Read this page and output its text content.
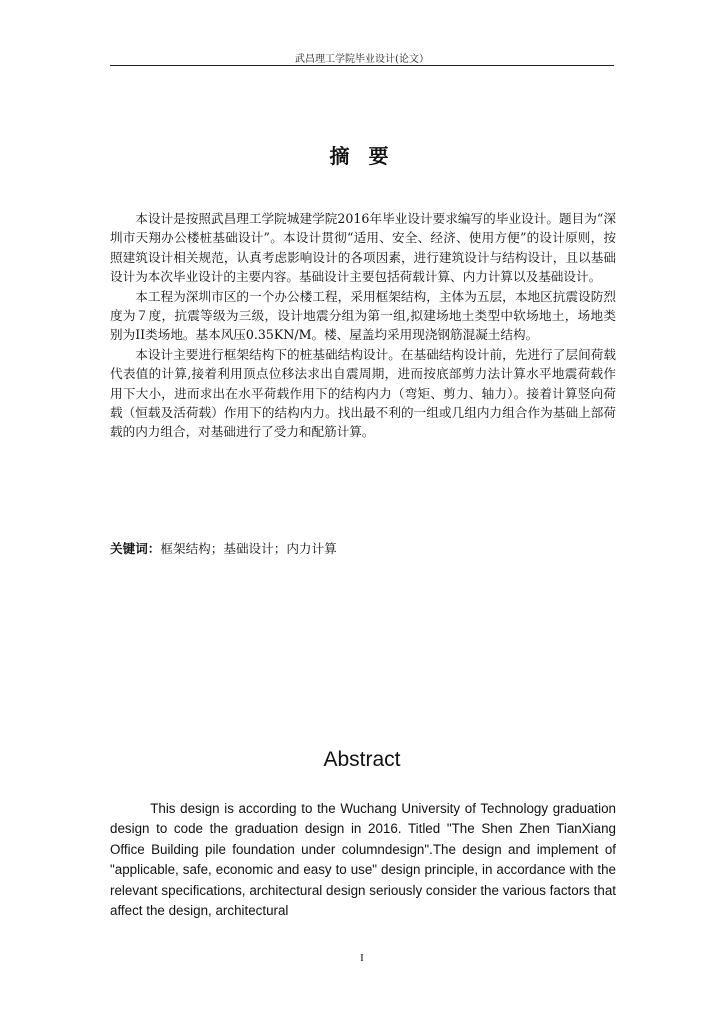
武昌理工学院毕业设计(论文）
摘 要

本设计是按照武昌理工学院城建学院2016年毕业设计要求编写的毕业设计。题目为“深圳市天翔办公楼桩基础设计”。本设计贯彻“适用、安全、经济、使用方便”的设计原则，按照建筑设计相关规范，认真考虑影响设计的各项因素，进行建筑设计与结构设计，且以基础设计为本次毕业设计的主要内容。基础设计主要包括荷载计算、内力计算以及基础设计。

本工程为深圳市区的一个办公楼工程，采用框架结构，主体为五层，本地区抗震设防烈度为７度，抗震等级为三级，设计地震分组为第一组,拟建场地土类型中软场地土，场地类别为II类场地。基本风压0.35KN/M。楼、屋盖均采用现浇钢筋混凝土结构。

本设计主要进行框架结构下的桩基础结构设计。在基础结构设计前，先进行了层间荷载代表值的计算,接着利用顶点位移法求出自震周期，进而按底部剪力法计算水平地震荷载作用下大小，进而求出在水平荷载作用下的结构内力（弯矩、剪力、轴力）。接着计算竖向荷载（恒载及活荷载）作用下的结构内力。找出最不利的一组或几组内力组合作为基础上部荷载的内力组合，对基础进行了受力和配筋计算。

关键词：框架结构；基础设计；内力计算
Abstract

This design is according to the Wuchang University of Technology graduation design to code the graduation design in 2016. Titled "The Shen Zhen TianXiang Office Building pile foundation under columndesign".The design and implement of "applicable, safe, economic and easy to use" design principle, in accordance with the relevant specifications, architectural design seriously consider the various factors that affect the design, architectural

I
